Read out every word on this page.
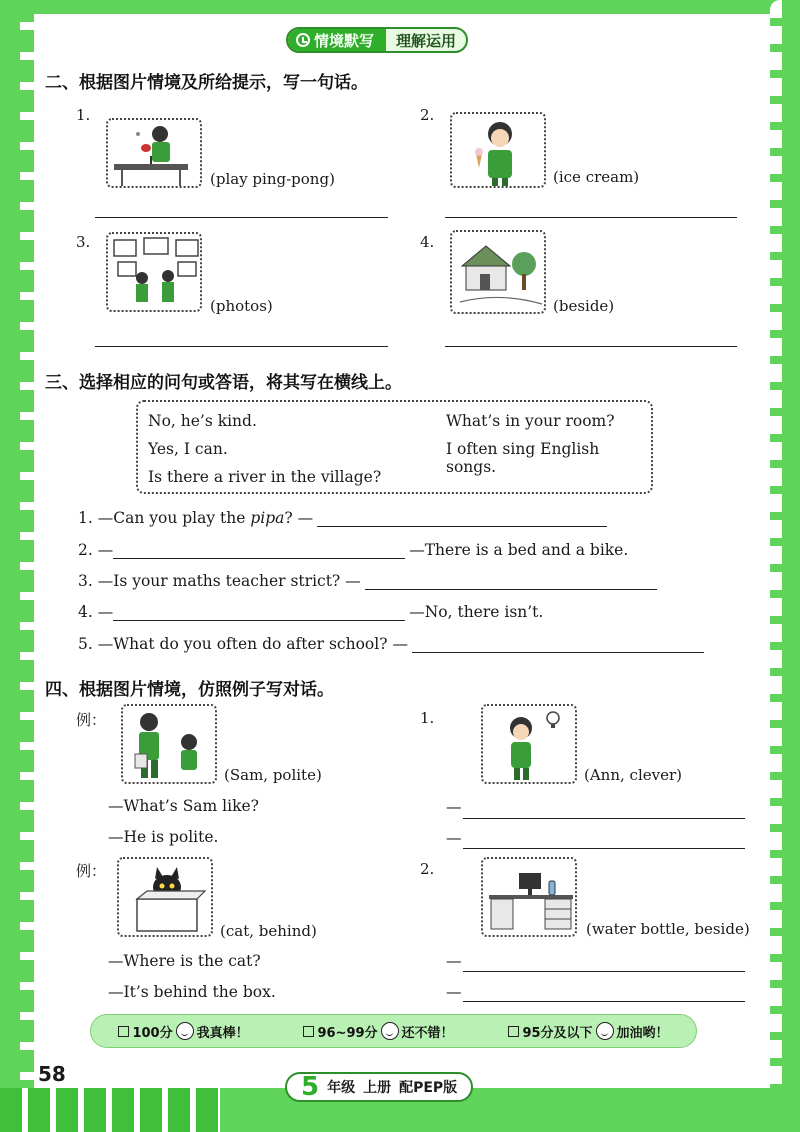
情境默写	理解运用
二、根据图片情境及所给提示，写一句话。
1.
(play ping-pong)
2.
(ice cream)
3.
(photos)
4.
(beside)
三、选择相应的问句或答语，将其写在横线上。
No, he’s kind.	What’s in your room?
Yes, I can.	I often sing English songs.
Is there a river in the village?
1. —Can you play the pipa? —
2. —	—There is a bed and a bike.
3. —Is your maths teacher strict? —
4. —	—No, there isn’t.
5. —What do you often do after school? —
四、根据图片情境，仿照例子写对话。
例：
(Sam, polite)
—What’s Sam like?
—He is polite.
1.
(Ann, clever)
—
—
例：
(cat, behind)
—Where is the cat?
—It’s behind the box.
2.
(water bottle, beside)
—
—
100分 我真棒！	96~99分 还不错！	95分及以下 加油哟！
58	5 年级 上册 配PEP版
